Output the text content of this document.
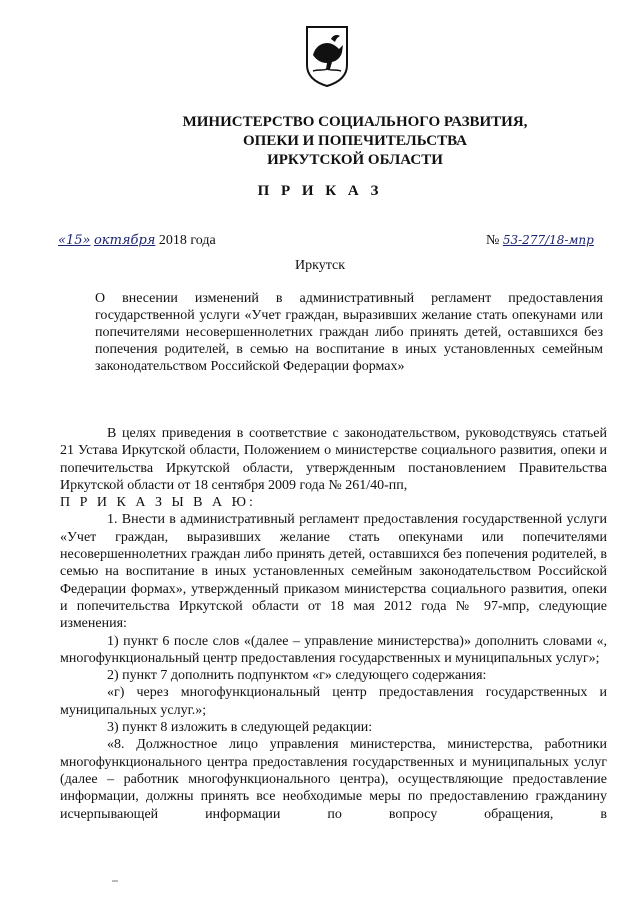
МИНИСТЕРСТВО СОЦИАЛЬНОГО РАЗВИТИЯ,
ОПЕКИ И ПОПЕЧИТЕЛЬСТВА
ИРКУТСКОЙ ОБЛАСТИ
П Р И К А З
«15» октября 2018 года	№ 53-277/18-мпр
Иркутск
О внесении изменений в административный регламент предоставления государственной услуги «Учет граждан, выразивших желание стать опекунами или попечителями несовершеннолетних граждан либо принять детей, оставшихся без попечения родителей, в семью на воспитание в иных установленных семейным законодательством Российской Федерации формах»

В целях приведения в соответствие с законодательством, руководствуясь статьей 21 Устава Иркутской области, Положением о министерстве социального развития, опеки и попечительства Иркутской области, утвержденным постановлением Правительства Иркутской области от 18 сентября 2009 года № 261/40-пп,

П Р И К А З Ы В А Ю:

1. Внести в административный регламент предоставления государственной услуги «Учет граждан, выразивших желание стать опекунами или попечителями несовершеннолетних граждан либо принять детей, оставшихся без попечения родителей, в семью на воспитание в иных установленных семейным законодательством Российской Федерации формах», утвержденный приказом министерства социального развития, опеки и попечительства Иркутской области от 18 мая 2012 года № 97-мпр, следующие изменения:

1) пункт 6 после слов «(далее – управление министерства)» дополнить словами «, многофункциональный центр предоставления государственных и муниципальных услуг»;

2) пункт 7 дополнить подпунктом «г» следующего содержания:

«г) через многофункциональный центр предоставления государственных и муниципальных услуг.»;

3) пункт 8 изложить в следующей редакции:

«8. Должностное лицо управления министерства, министерства, работники многофункционального центра предоставления государственных и муниципальных услуг (далее – работник многофункционального центра), осуществляющие предоставление информации, должны принять все необходимые меры по предоставлению гражданину исчерпывающей информации по вопросу обращения, в
